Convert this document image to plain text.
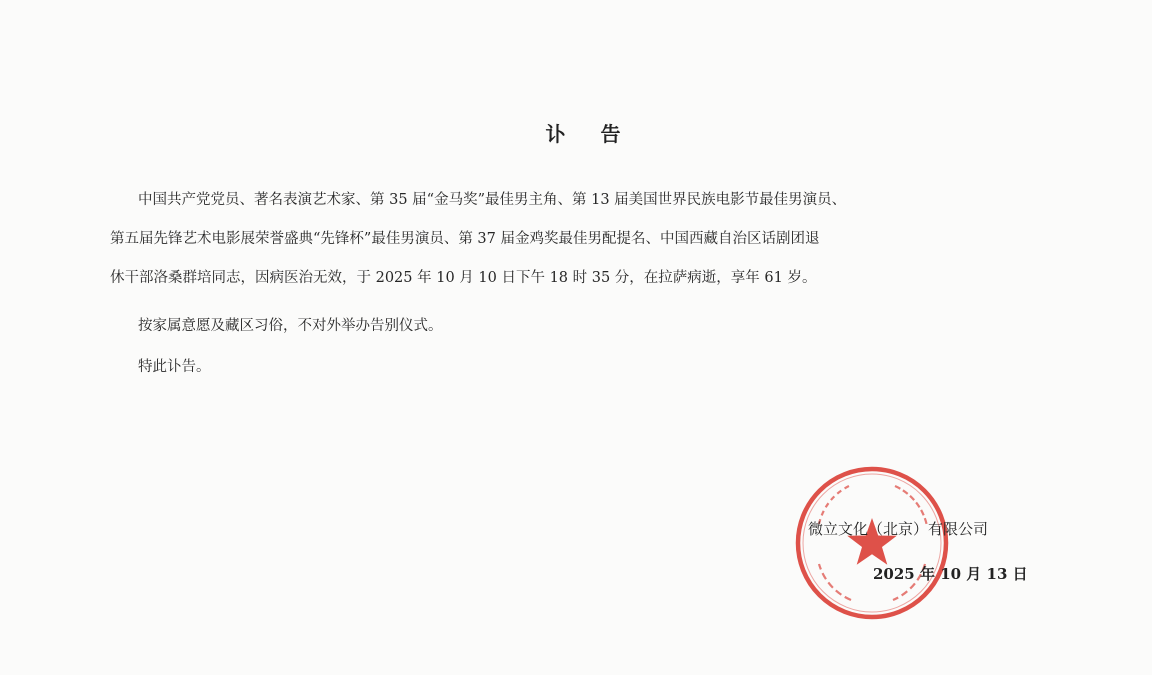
讣 告
中国共产党党员、著名表演艺术家、第 35 届“金马奖”最佳男主角、第 13 届美国世界民族电影节最佳男演员、
第五届先锋艺术电影展荣誉盛典“先锋杯”最佳男演员、第 37 届金鸡奖最佳男配提名、中国西藏自治区话剧团退
休干部洛桑群培同志，因病医治无效，于 2025 年 10 月 10 日下午 18 时 35 分，在拉萨病逝，享年 61 岁。
按家属意愿及藏区习俗，不对外举办告别仪式。
特此讣告。
微立文化（北京）有限公司
2025 年 10 月 13 日
